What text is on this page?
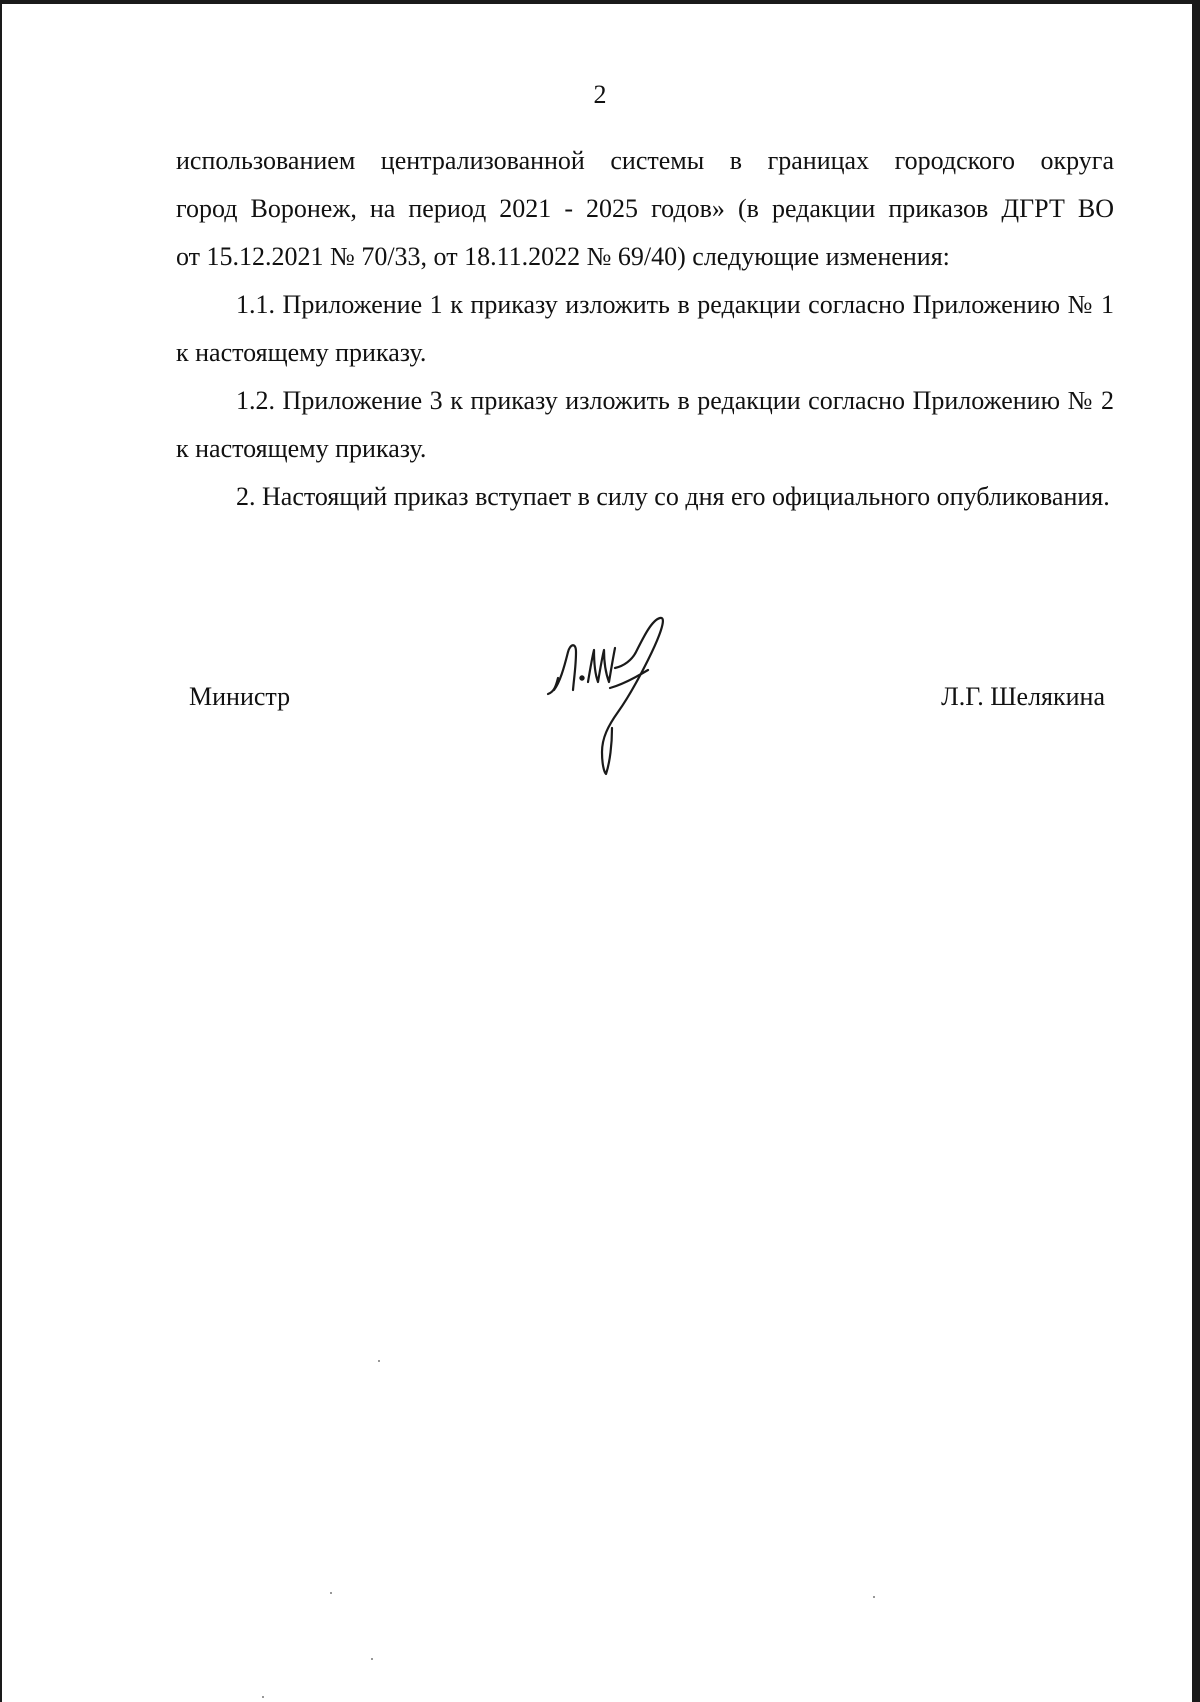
2
использованием централизованной системы в границах городского округа
город Воронеж, на период 2021 - 2025 годов» (в редакции приказов ДГРТ ВО

от 15.12.2021 № 70/33, от 18.11.2022 № 69/40) следующие изменения:

1.1. Приложение 1 к приказу изложить в редакции согласно Приложению № 1 к настоящему приказу.

1.2. Приложение 3 к приказу изложить в редакции согласно Приложению № 2 к настоящему приказу.

2. Настоящий приказ вступает в силу со дня его официального опубликования.

Министр	Л.Г. Шелякина
